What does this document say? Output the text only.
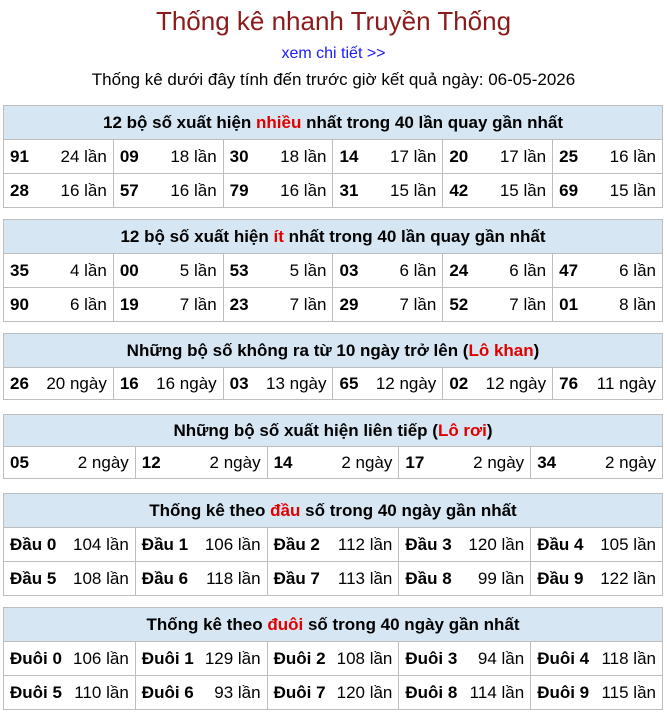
Thống kê nhanh Truyền Thống
xem chi tiết >>
Thống kê dưới đây tính đến trước giờ kết quả ngày: 06-05-2026
12 bộ số xuất hiện nhiều nhất trong 40 lần quay gần nhất					

91 24 lần	09 18 lần	30 18 lần	14 17 lần	20 17 lần	25 16 lần

28 16 lần	57 16 lần	79 16 lần	31 15 lần	42 15 lần	69 15 lần
12 bộ số xuất hiện ít nhất trong 40 lần quay gần nhất					

35 4 lần	00 5 lần	53 5 lần	03 6 lần	24 6 lần	47 6 lần

90 6 lần	19 7 lần	23 7 lần	29 7 lần	52 7 lần	01 8 lần
Những bộ số không ra từ 10 ngày trở lên (Lô khan)

26 20 ngày	16 16 ngày	03 13 ngày	65 12 ngày	02 12 ngày	76 11 ngày
Những bộ số xuất hiện liên tiếp (Lô rơi)

05	2 ngày	12	2 ngày	14	2 ngày	17	2 ngày	34	2 ngày
Thống kê theo đầu số trong 40 ngày gần nhất				

Đầu 0 104 lần	Đầu 1 106 lần	Đầu 2 112 lần	Đầu 3 120 lần	Đầu 4 105 lần

Đầu 5 108 lần	Đầu 6 118 lần	Đầu 7 113 lần	Đầu 8 99 lần	Đầu 9 122 lần
Thống kê theo đuôi số trong 40 ngày gần nhất				

Đuôi 0 106 lần	Đuôi 1 129 lần	Đuôi 2 108 lần	Đuôi 3 94 lần	Đuôi 4 118 lần

Đuôi 5 110 lần	Đuôi 6 93 lần	Đuôi 7 120 lần	Đuôi 8 114 lần	Đuôi 9 115 lần
